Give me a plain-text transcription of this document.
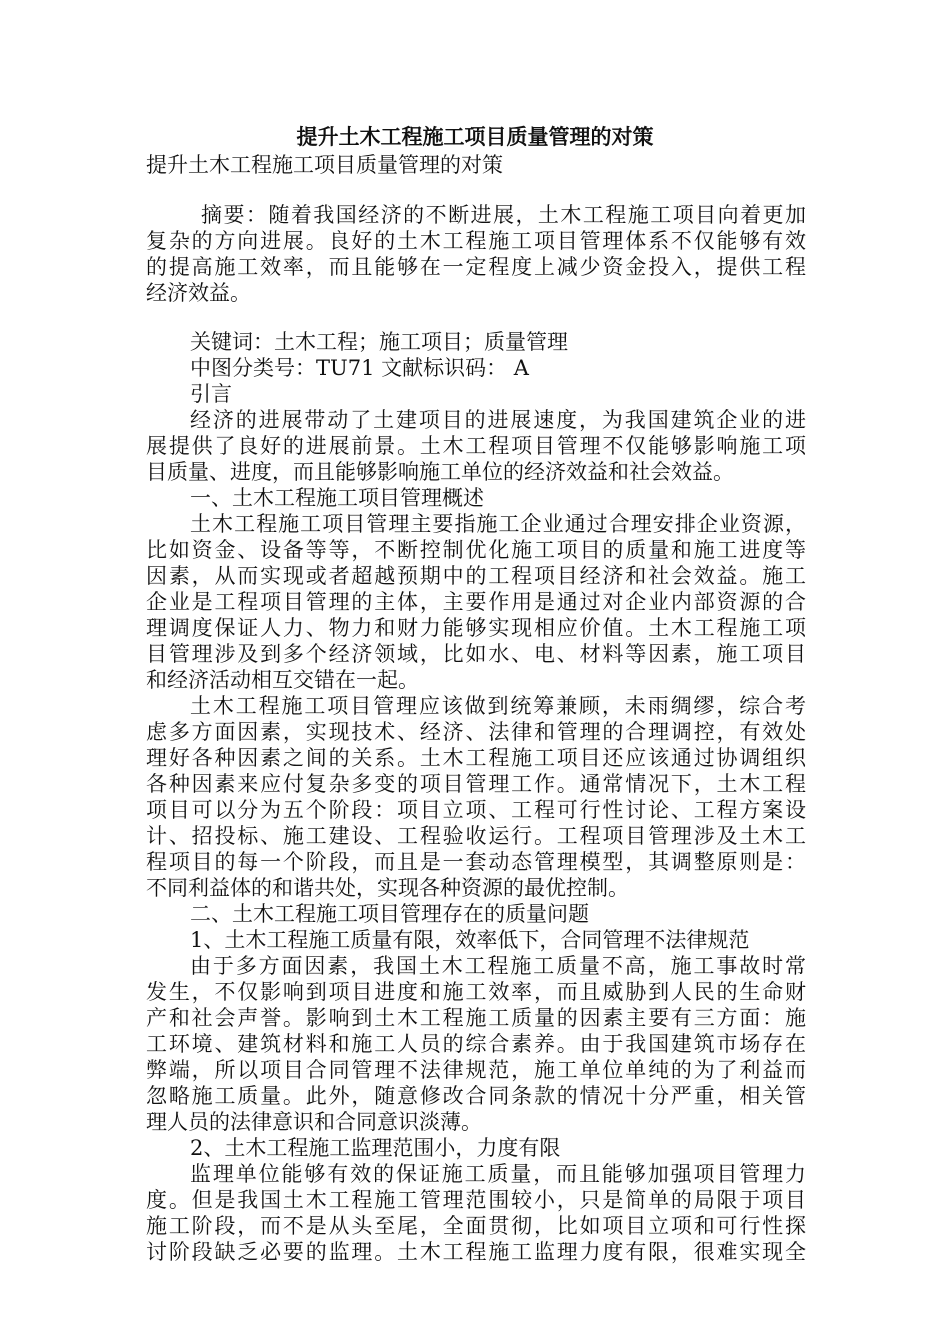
提升土木工程施工项目质量管理的对策
提升土木工程施工项目质量管理的对策
摘要：随着我国经济的不断进展，土木工程施工项目向着更加
复杂的方向进展。良好的土木工程施工项目管理体系不仅能够有效
的提高施工效率，而且能够在一定程度上减少资金投入，提供工程
经济效益。
关键词：土木工程；施工项目；质量管理
中图分类号：TU71 文献标识码： A
引言
经济的进展带动了土建项目的进展速度，为我国建筑企业的进
展提供了良好的进展前景。土木工程项目管理不仅能够影响施工项
目质量、进度，而且能够影响施工单位的经济效益和社会效益。
一、土木工程施工项目管理概述
土木工程施工项目管理主要指施工企业通过合理安排企业资源，
比如资金、设备等等，不断控制优化施工项目的质量和施工进度等
因素，从而实现或者超越预期中的工程项目经济和社会效益。施工
企业是工程项目管理的主体，主要作用是通过对企业内部资源的合
理调度保证人力、物力和财力能够实现相应价值。土木工程施工项
目管理涉及到多个经济领域，比如水、电、材料等因素，施工项目
和经济活动相互交错在一起。
土木工程施工项目管理应该做到统筹兼顾，未雨绸缪，综合考
虑多方面因素，实现技术、经济、法律和管理的合理调控，有效处
理好各种因素之间的关系。土木工程施工项目还应该通过协调组织
各种因素来应付复杂多变的项目管理工作。通常情况下，土木工程
项目可以分为五个阶段：项目立项、工程可行性讨论、工程方案设
计、招投标、施工建设、工程验收运行。工程项目管理涉及土木工
程项目的每一个阶段，而且是一套动态管理模型，其调整原则是：
不同利益体的和谐共处，实现各种资源的最优控制。
二、土木工程施工项目管理存在的质量问题
1、土木工程施工质量有限，效率低下，合同管理不法律规范
由于多方面因素，我国土木工程施工质量不高，施工事故时常
发生，不仅影响到项目进度和施工效率，而且威胁到人民的生命财
产和社会声誉。影响到土木工程施工质量的因素主要有三方面：施
工环境、建筑材料和施工人员的综合素养。由于我国建筑市场存在
弊端，所以项目合同管理不法律规范，施工单位单纯的为了利益而
忽略施工质量。此外，随意修改合同条款的情况十分严重，相关管
理人员的法律意识和合同意识淡薄。
2、土木工程施工监理范围小，力度有限
监理单位能够有效的保证施工质量，而且能够加强项目管理力
度。但是我国土木工程施工管理范围较小，只是简单的局限于项目
施工阶段，而不是从头至尾，全面贯彻，比如项目立项和可行性探
讨阶段缺乏必要的监理。土木工程施工监理力度有限，很难实现全
